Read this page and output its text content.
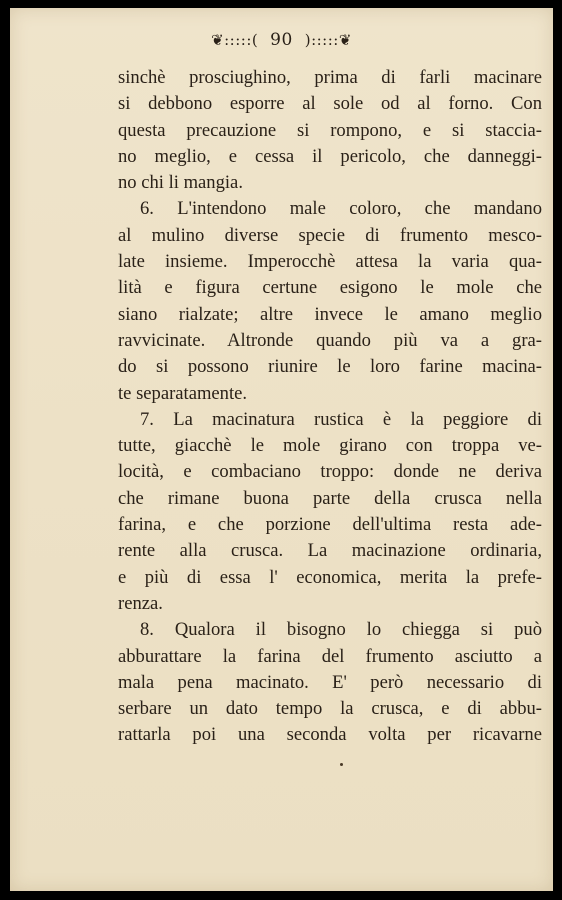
❦:::::( 90 ):::::❦
sinchè prosciughino, prima di farli macinare
si debbono esporre al sole od al forno. Con
questa precauzione si rompono, e si staccia-
no meglio, e cessa il pericolo, che danneggi-
no chi li mangia.
6. L'intendono male coloro, che mandano
al mulino diverse specie di frumento mesco-
late insieme. Imperocchè attesa la varia qua-
lità e figura certune esigono le mole che
siano rialzate; altre invece le amano meglio
ravvicinate. Altronde quando più va a gra-
do si possono riunire le loro farine macina-
te separatamente.
7. La macinatura rustica è la peggiore di
tutte, giacchè le mole girano con troppa ve-
locità, e combaciano troppo: donde ne deriva
che rimane buona parte della crusca nella
farina, e che porzione dell'ultima resta ade-
rente alla crusca. La macinazione ordinaria,
e più di essa l' economica, merita la prefe-
renza.
8. Qualora il bisogno lo chiegga si può
abburattare la farina del frumento asciutto a
mala pena macinato. E' però necessario di
serbare un dato tempo la crusca, e di abbu-
rattarla poi una seconda volta per ricavarne
